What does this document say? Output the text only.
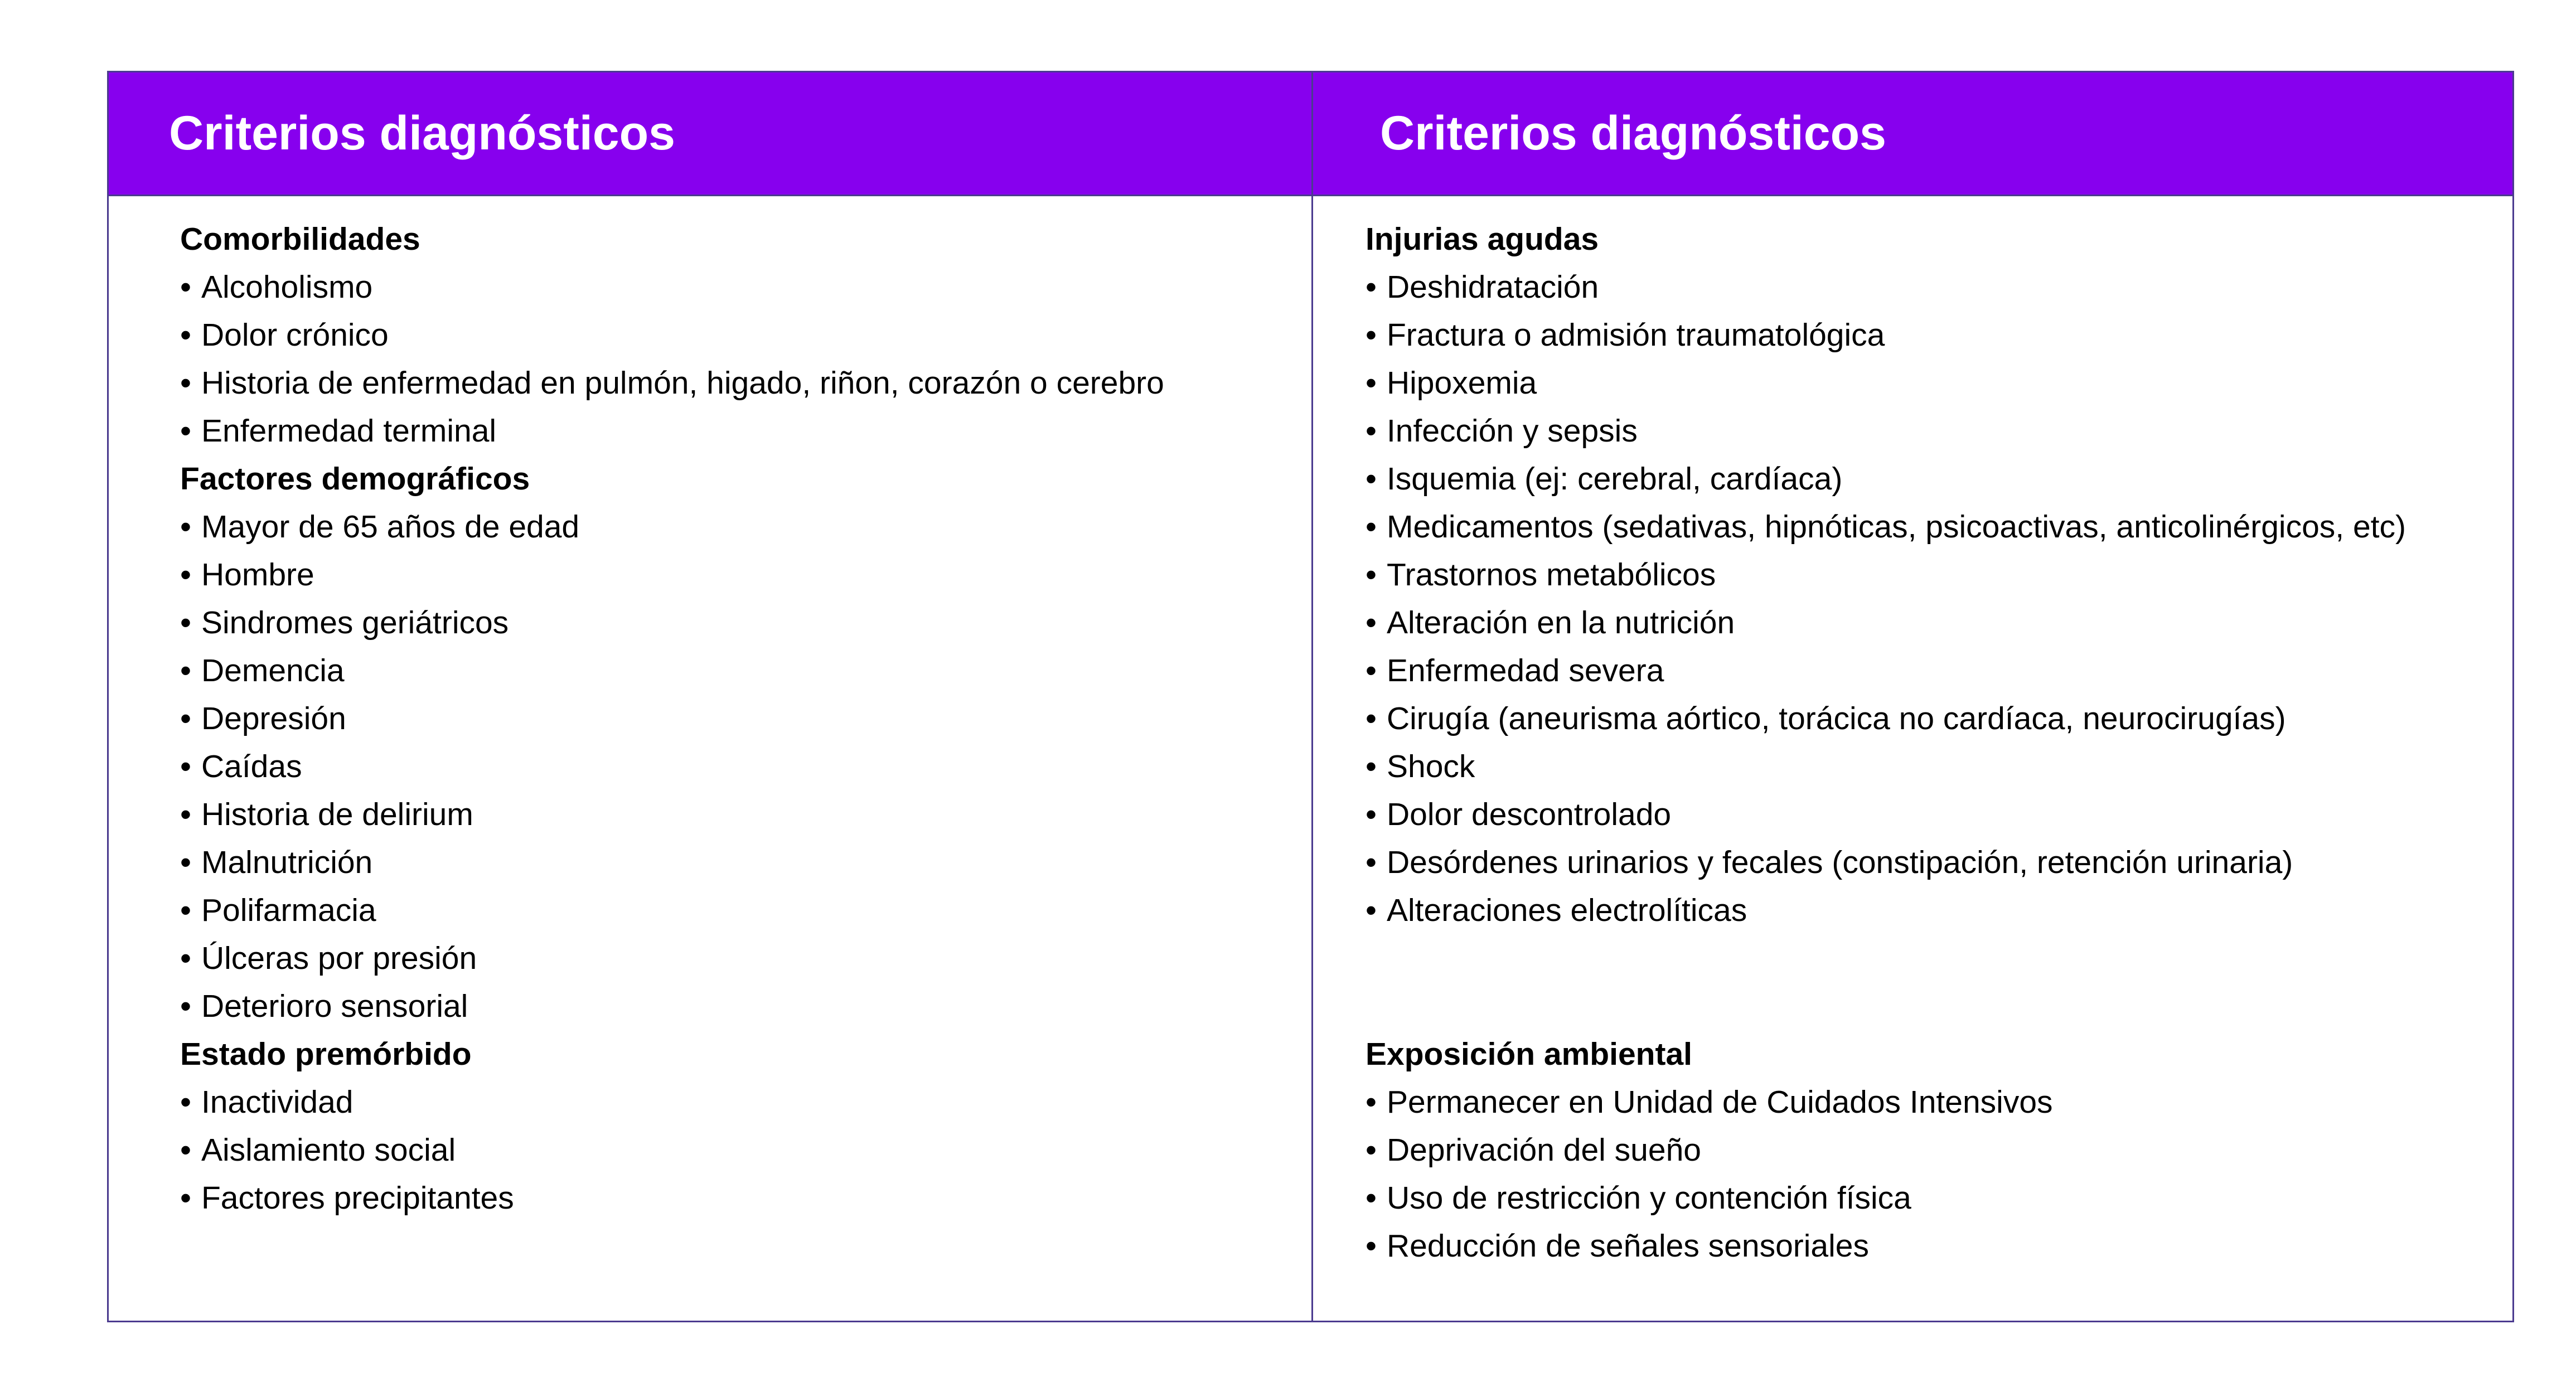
Criterios diagnósticos
Comorbilidades
• Alcoholismo
• Dolor crónico
• Historia de enfermedad en pulmón, higado, riñon, corazón o cerebro
• Enfermedad terminal
Factores demográficos
• Mayor de 65 años de edad
• Hombre
• Sindromes geriátricos
• Demencia
• Depresión
• Caídas
• Historia de delirium
• Malnutrición
• Polifarmacia
• Úlceras por presión
• Deterioro sensorial
Estado premórbido
• Inactividad
• Aislamiento social
• Factores precipitantes
Criterios diagnósticos
Injurias agudas
• Deshidratación
• Fractura o admisión traumatológica
• Hipoxemia
• Infección y sepsis
• Isquemia (ej: cerebral, cardíaca)
• Medicamentos (sedativas, hipnóticas, psicoactivas, anticolinérgicos, etc)
• Trastornos metabólicos
• Alteración en la nutrición
• Enfermedad severa
• Cirugía (aneurisma aórtico, torácica no cardíaca, neurocirugías)
• Shock
• Dolor descontrolado
• Desórdenes urinarios y fecales (constipación, retención urinaria)
• Alteraciones electrolíticas
Exposición ambiental
• Permanecer en Unidad de Cuidados Intensivos
• Deprivación del sueño
• Uso de restricción y contención física
• Reducción de señales sensoriales
